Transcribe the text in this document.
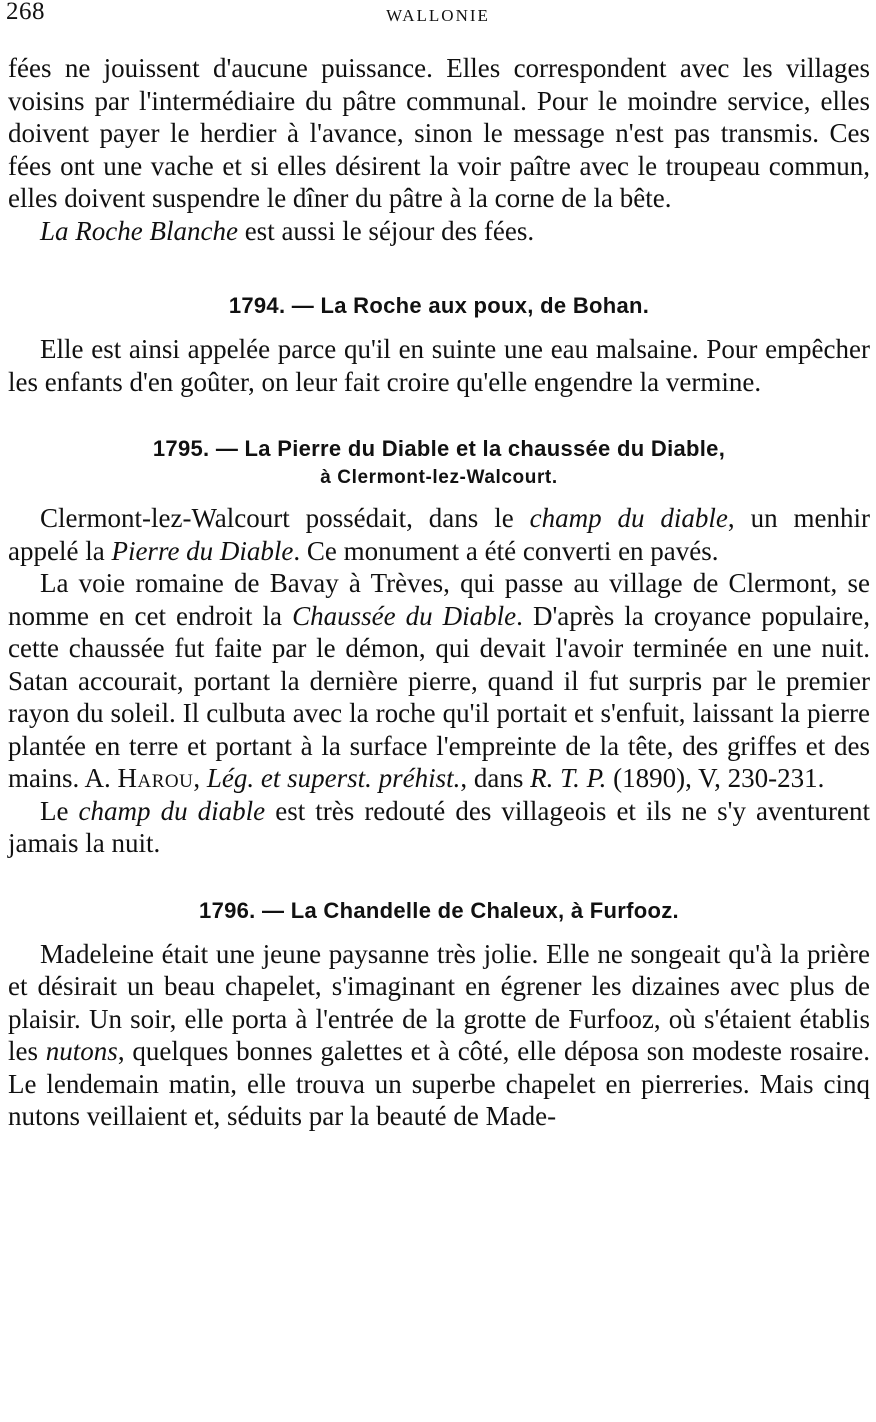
268	WALLONIE

fées ne jouissent d'aucune puissance. Elles correspondent avec les villages voisins par l'intermédiaire du pâtre communal. Pour le moindre service, elles doivent payer le herdier à l'avance, sinon le message n'est pas transmis. Ces fées ont une vache et si elles désirent la voir paître avec le troupeau commun, elles doivent suspendre le dîner du pâtre à la corne de la bête.

La Roche Blanche est aussi le séjour des fées.

1794. — La Roche aux poux, de Bohan.

Elle est ainsi appelée parce qu'il en suinte une eau malsaine. Pour empêcher les enfants d'en goûter, on leur fait croire qu'elle engendre la vermine.

1795. — La Pierre du Diable et la chaussée du Diable,
à Clermont-lez-Walcourt.

Clermont-lez-Walcourt possédait, dans le champ du diable, un menhir appelé la Pierre du Diable. Ce monument a été converti en pavés.

La voie romaine de Bavay à Trèves, qui passe au village de Clermont, se nomme en cet endroit la Chaussée du Diable. D'après la croyance populaire, cette chaussée fut faite par le démon, qui devait l'avoir terminée en une nuit. Satan accourait, portant la dernière pierre, quand il fut surpris par le premier rayon du soleil. Il culbuta avec la roche qu'il portait et s'enfuit, laissant la pierre plantée en terre et portant à la surface l'empreinte de la tête, des griffes et des mains. A. Harou, Lég. et superst. préhist., dans R. T. P. (1890), V, 230-231.

Le champ du diable est très redouté des villageois et ils ne s'y aventurent jamais la nuit.

1796. — La Chandelle de Chaleux, à Furfooz.

Madeleine était une jeune paysanne très jolie. Elle ne songeait qu'à la prière et désirait un beau chapelet, s'imaginant en égrener les dizaines avec plus de plaisir. Un soir, elle porta à l'entrée de la grotte de Furfooz, où s'étaient établis les nutons, quelques bonnes galettes et à côté, elle déposa son modeste rosaire. Le lendemain matin, elle trouva un superbe chapelet en pierreries. Mais cinq nutons veillaient et, séduits par la beauté de Made-
